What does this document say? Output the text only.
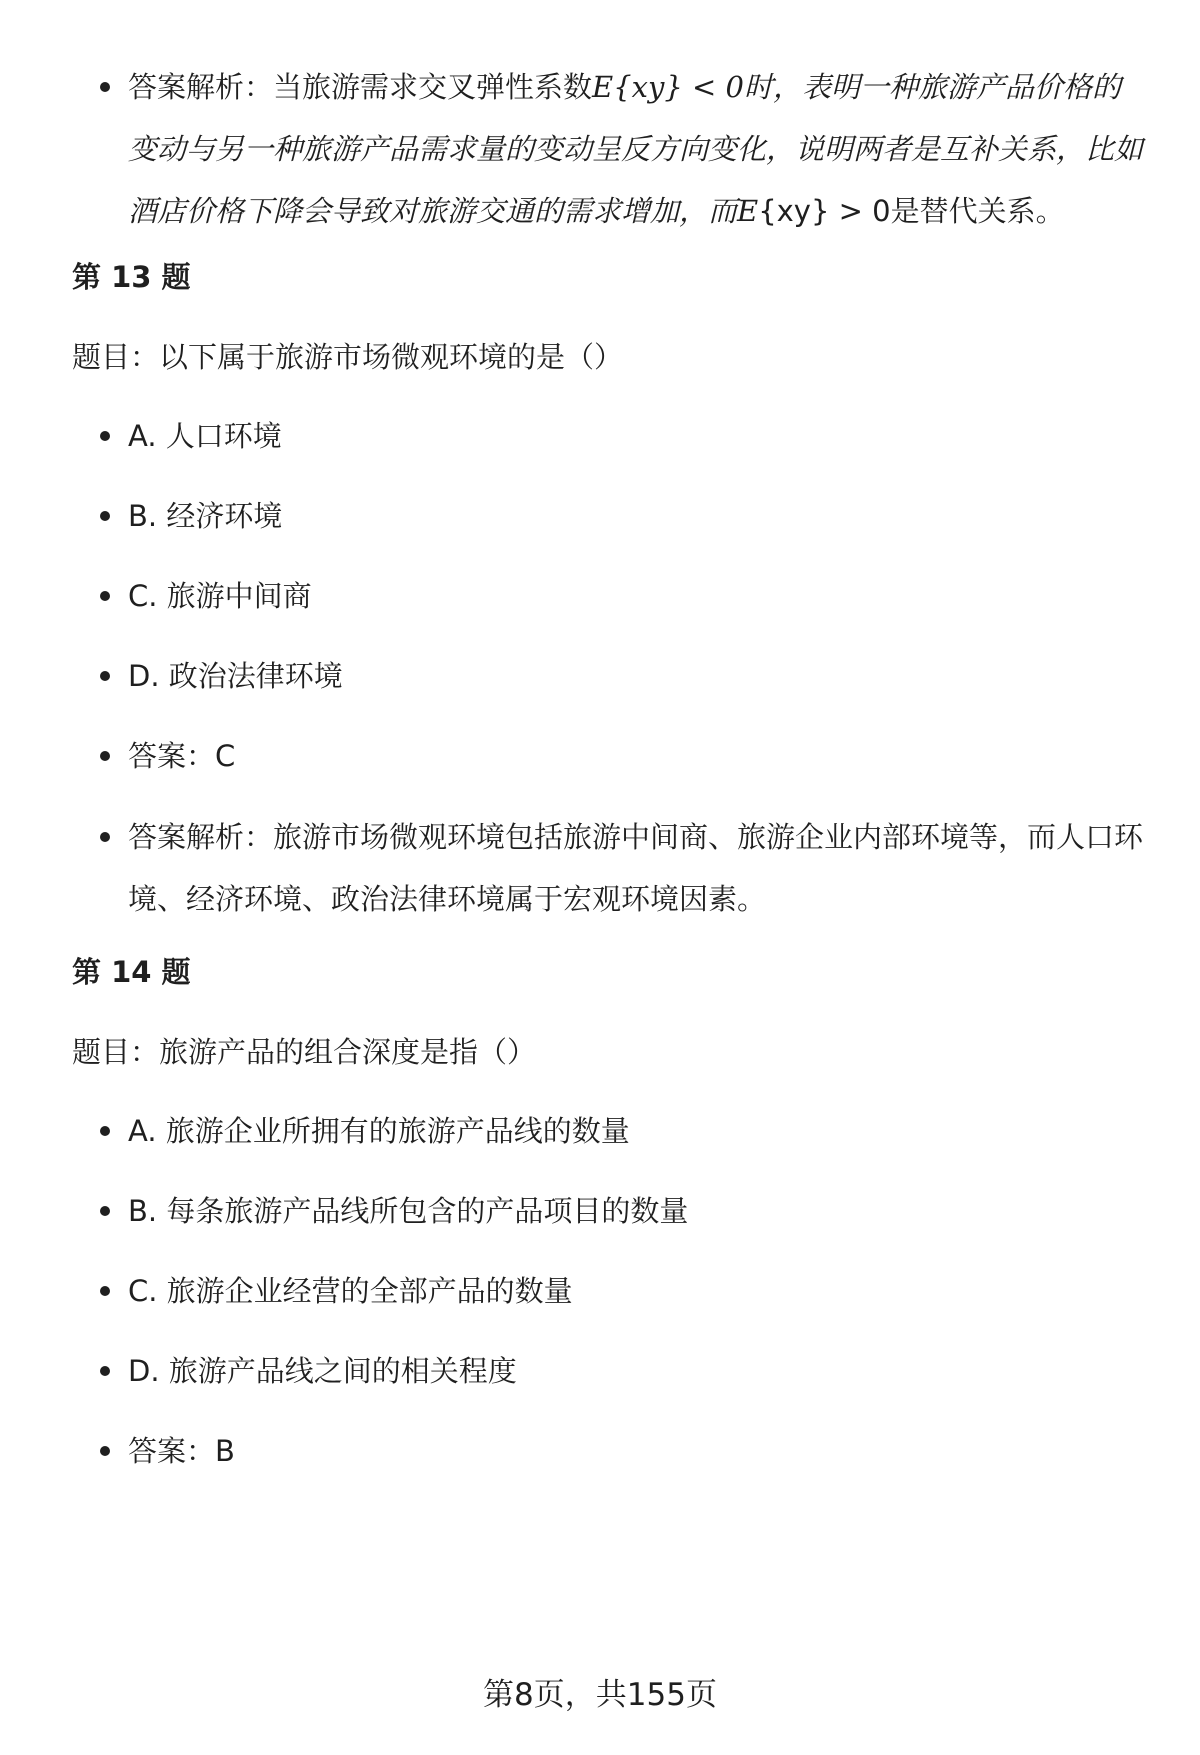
答案解析：当旅游需求交叉弹性系数E{xy} < 0时，表明一种旅游产品价格的变动与另一种旅游产品需求量的变动呈反方向变化，说明两者是互补关系，比如酒店价格下降会导致对旅游交通的需求增加，而E{xy} > 0是替代关系。
第 13 题
题目：以下属于旅游市场微观环境的是（）
A. 人口环境
B. 经济环境
C. 旅游中间商
D. 政治法律环境
答案：C
答案解析：旅游市场微观环境包括旅游中间商、旅游企业内部环境等，而人口环境、经济环境、政治法律环境属于宏观环境因素。
第 14 题
题目：旅游产品的组合深度是指（）
A. 旅游企业所拥有的旅游产品线的数量
B. 每条旅游产品线所包含的产品项目的数量
C. 旅游企业经营的全部产品的数量
D. 旅游产品线之间的相关程度
答案：B
第8页，共155页
